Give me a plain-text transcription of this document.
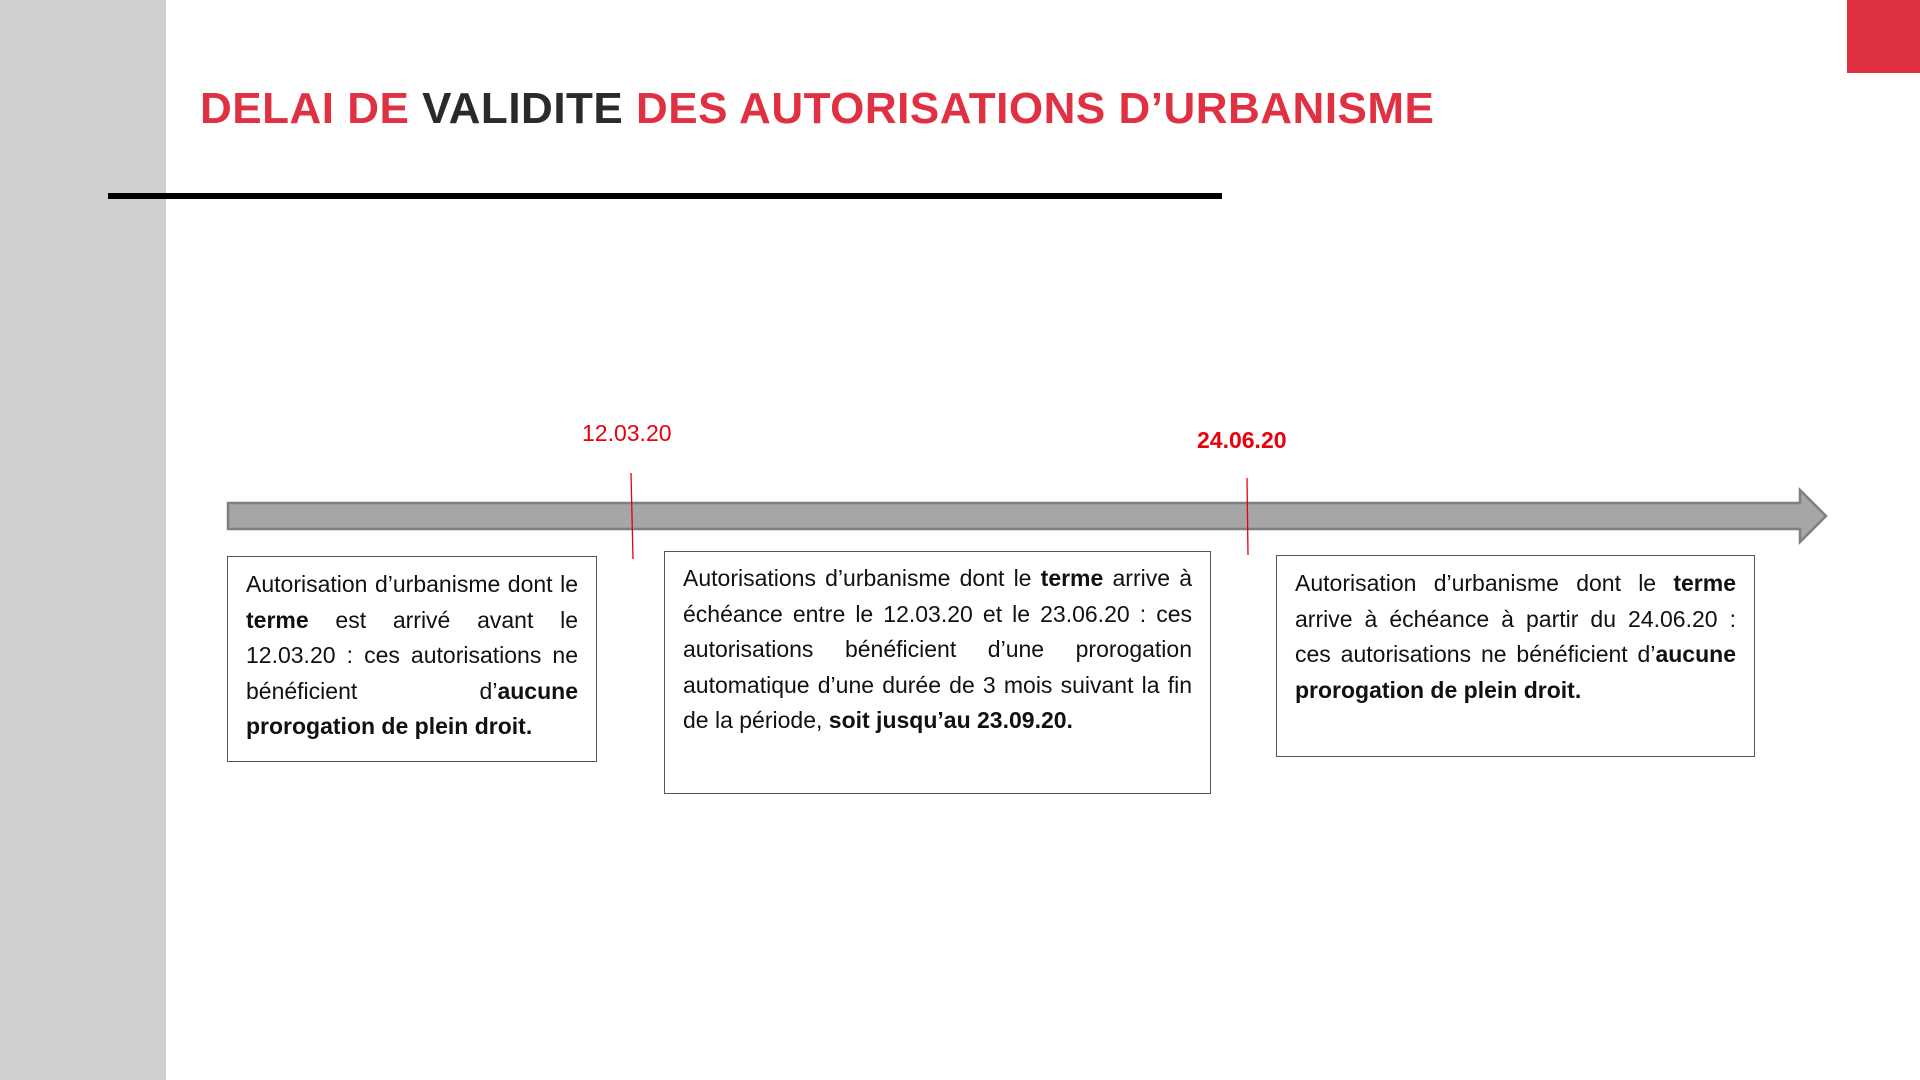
DELAI DE VALIDITE DES AUTORISATIONS D’URBANISME
12.03.20	24.06.20
Autorisation d’urbanisme dont le terme est arrivé avant le 12.03.20 : ces autorisations ne bénéficient d’aucune prorogation de plein droit.
Autorisations d’urbanisme dont le terme arrive à échéance entre le 12.03.20 et le 23.06.20 : ces autorisations bénéficient d’une prorogation automatique d’une durée de 3 mois suivant la fin de la période, soit jusqu’au 23.09.20.
Autorisation d’urbanisme dont le terme arrive à échéance à partir du 24.06.20 : ces autorisations ne bénéficient d’aucune prorogation de plein droit.
